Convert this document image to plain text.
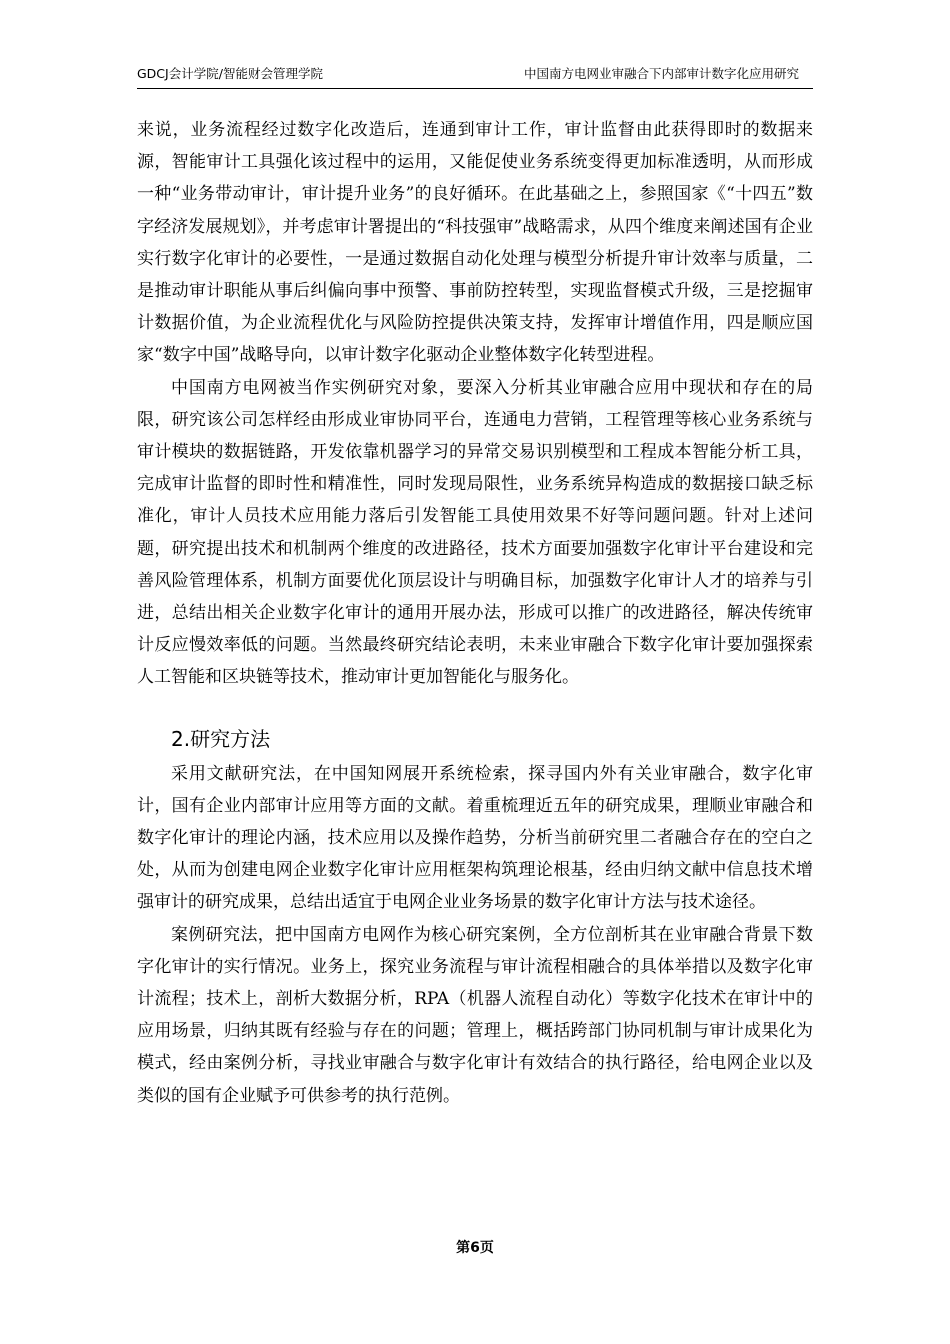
GDCJ会计学院/智能财会管理学院	中国南方电网业审融合下内部审计数字化应用研究

来说，业务流程经过数字化改造后，连通到审计工作，审计监督由此获得即时的数据来源，智能审计工具强化该过程中的运用，又能促使业务系统变得更加标准透明，从而形成一种“业务带动审计，审计提升业务”的良好循环。在此基础之上，参照国家《“十四五”数字经济发展规划》，并考虑审计署提出的“科技强审”战略需求，从四个维度来阐述国有企业实行数字化审计的必要性，一是通过数据自动化处理与模型分析提升审计效率与质量，二是推动审计职能从事后纠偏向事中预警、事前防控转型，实现监督模式升级，三是挖掘审计数据价值，为企业流程优化与风险防控提供决策支持，发挥审计增值作用，四是顺应国家“数字中国”战略导向，以审计数字化驱动企业整体数字化转型进程。

中国南方电网被当作实例研究对象，要深入分析其业审融合应用中现状和存在的局限，研究该公司怎样经由形成业审协同平台，连通电力营销，工程管理等核心业务系统与审计模块的数据链路，开发依靠机器学习的异常交易识别模型和工程成本智能分析工具，完成审计监督的即时性和精准性，同时发现局限性，业务系统异构造成的数据接口缺乏标准化，审计人员技术应用能力落后引发智能工具使用效果不好等问题问题。针对上述问题，研究提出技术和机制两个维度的改进路径，技术方面要加强数字化审计平台建设和完善风险管理体系，机制方面要优化顶层设计与明确目标，加强数字化审计人才的培养与引进，总结出相关企业数字化审计的通用开展办法，形成可以推广的改进路径，解决传统审计反应慢效率低的问题。当然最终研究结论表明，未来业审融合下数字化审计要加强探索人工智能和区块链等技术，推动审计更加智能化与服务化。

2.研究方法

采用文献研究法，在中国知网展开系统检索，探寻国内外有关业审融合，数字化审计，国有企业内部审计应用等方面的文献。着重梳理近五年的研究成果，理顺业审融合和数字化审计的理论内涵，技术应用以及操作趋势，分析当前研究里二者融合存在的空白之处，从而为创建电网企业数字化审计应用框架构筑理论根基，经由归纳文献中信息技术增强审计的研究成果，总结出适宜于电网企业业务场景的数字化审计方法与技术途径。

案例研究法，把中国南方电网作为核心研究案例，全方位剖析其在业审融合背景下数字化审计的实行情况。业务上，探究业务流程与审计流程相融合的具体举措以及数字化审计流程；技术上，剖析大数据分析，RPA（机器人流程自动化）等数字化技术在审计中的应用场景，归纳其既有经验与存在的问题；管理上，概括跨部门协同机制与审计成果化为模式，经由案例分析，寻找业审融合与数字化审计有效结合的执行路径，给电网企业以及类似的国有企业赋予可供参考的执行范例。

第6页
